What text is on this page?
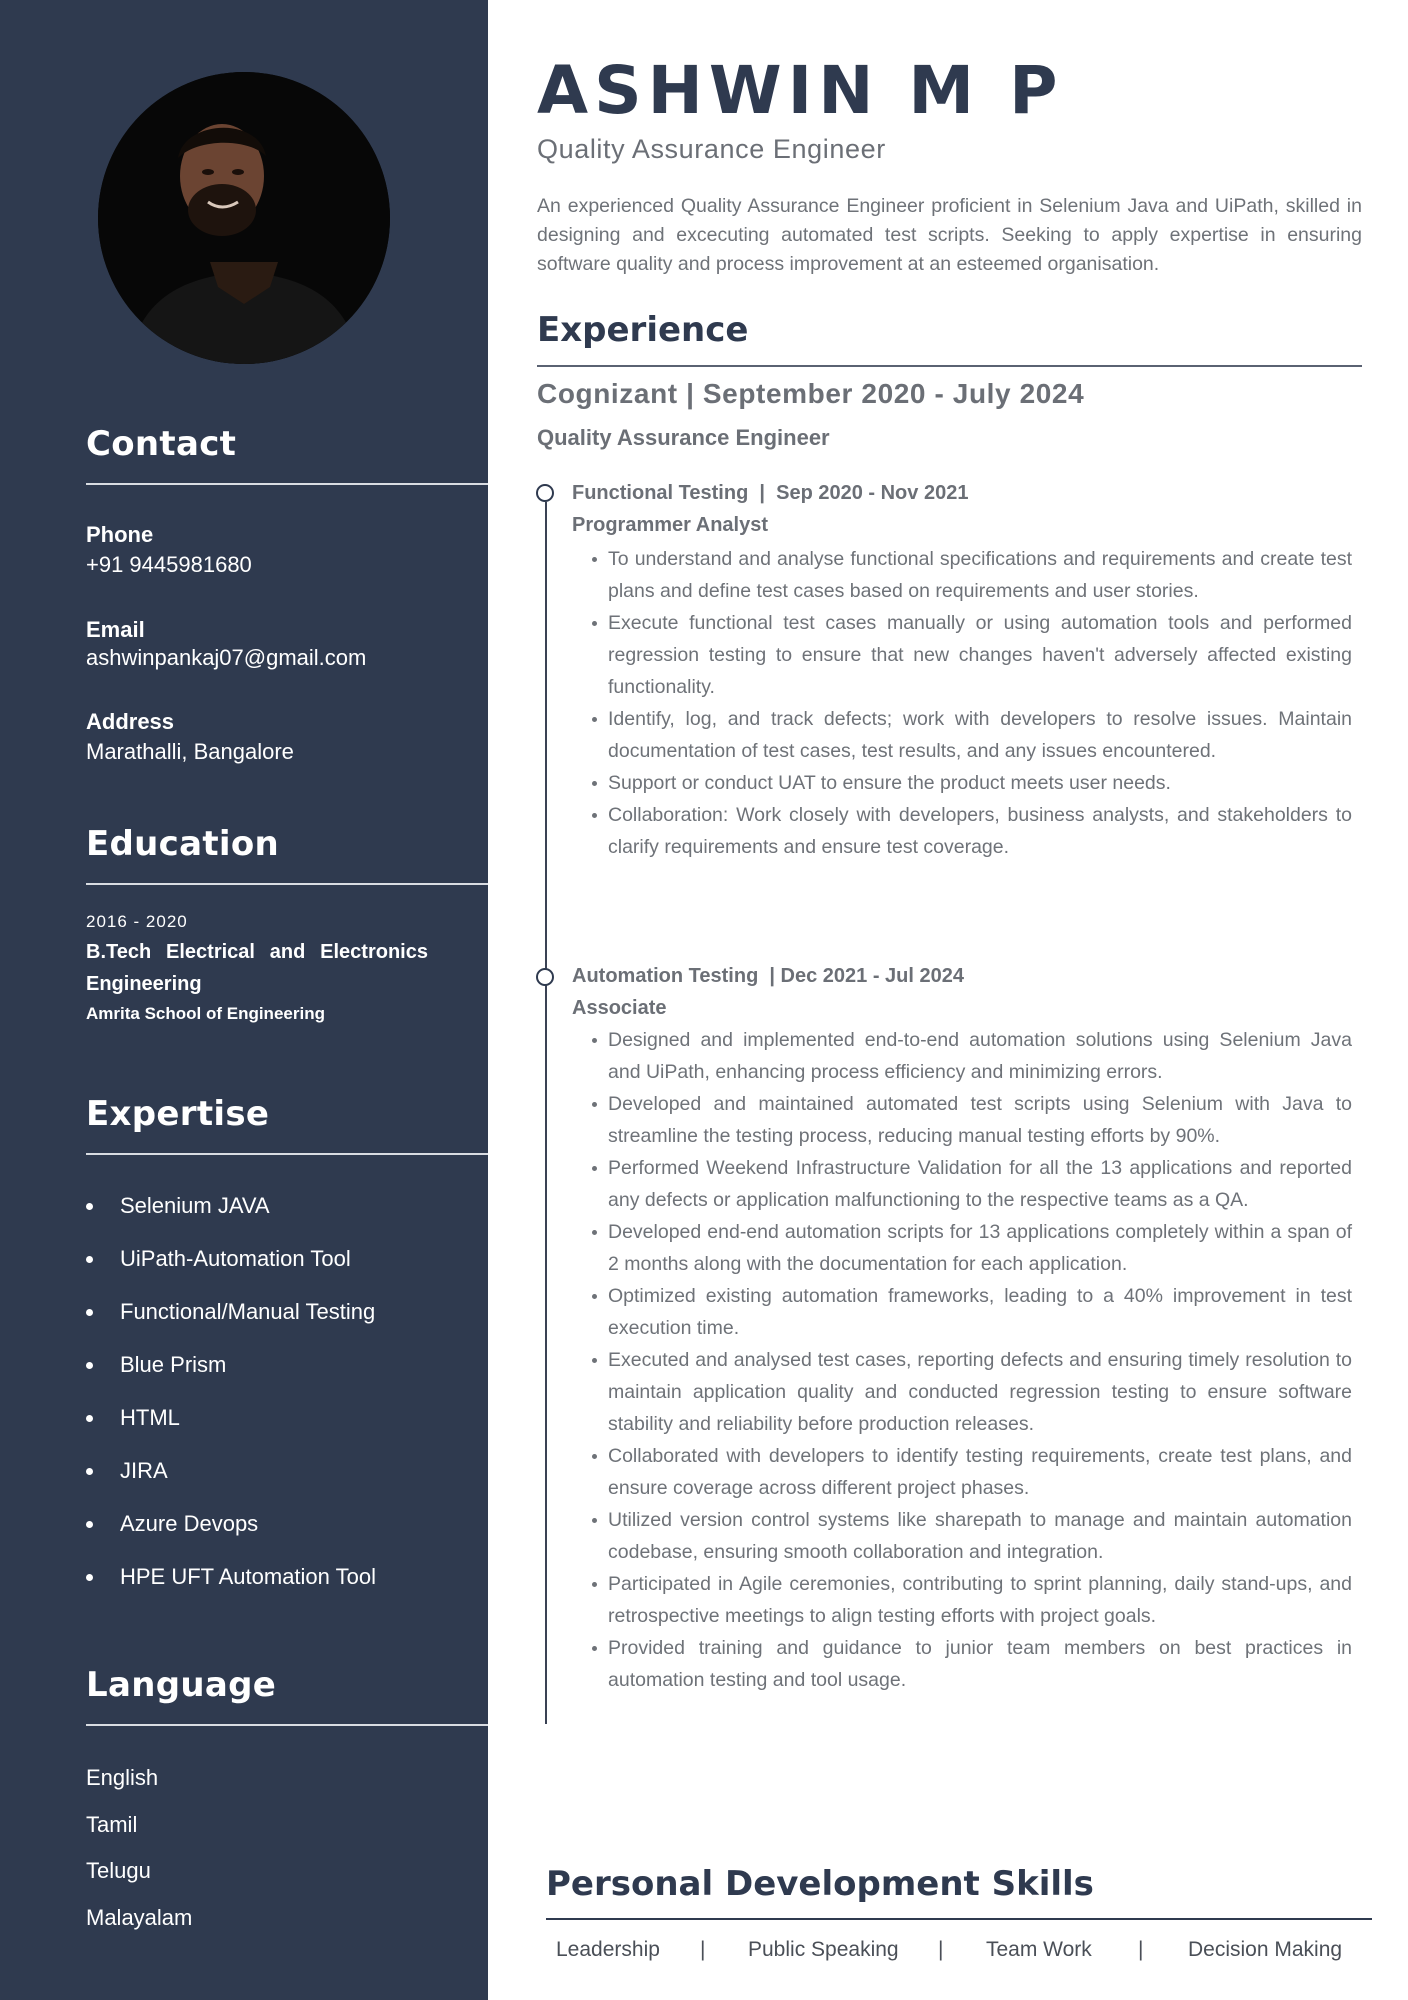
Contact
Phone
+91 9445981680
Email
ashwinpankaj07@gmail.com
Address
Marathalli, Bangalore
Education
2016 - 2020
B.Tech Electrical and Electronics Engineering
Amrita School of Engineering
Expertise
Selenium JAVA
UiPath-Automation Tool
Functional/Manual Testing
Blue Prism
HTML
JIRA
Azure Devops
HPE UFT Automation Tool
Language
English
Tamil
Telugu
Malayalam
ASHWIN M P
Quality Assurance Engineer
An experienced Quality Assurance Engineer proficient in Selenium Java and UiPath, skilled in designing and excecuting automated test scripts. Seeking to apply expertise in ensuring software quality and process improvement at an esteemed organisation.
Experience
Cognizant | September 2020 - July 2024
Quality Assurance Engineer
Functional Testing  |  Sep 2020 - Nov 2021
Programmer Analyst
To understand and analyse functional specifications and requirements and create test plans and define test cases based on requirements and user stories.
Execute functional test cases manually or using automation tools and performed regression testing to ensure that new changes haven't adversely affected existing functionality.
Identify, log, and track defects; work with developers to resolve issues. Maintain documentation of test cases, test results, and any issues encountered.
Support or conduct UAT to ensure the product meets user needs.
Collaboration: Work closely with developers, business analysts, and stakeholders to clarify requirements and ensure test coverage.
Automation Testing  | Dec 2021 - Jul 2024
Associate
Designed and implemented end-to-end automation solutions using Selenium Java and UiPath, enhancing process efficiency and minimizing errors.
Developed and maintained automated test scripts using Selenium with Java to streamline the testing process, reducing manual testing efforts by 90%.
Performed Weekend Infrastructure Validation for all the 13 applications and reported any defects or application malfunctioning to the respective teams as a QA.
Developed end-end automation scripts for 13 applications completely within a span of 2 months along with the documentation for each application.
Optimized existing automation frameworks, leading to a 40% improvement in test execution time.
Executed and analysed test cases, reporting defects and ensuring timely resolution to maintain application quality and conducted regression testing to ensure software stability and reliability before production releases.
Collaborated with developers to identify testing requirements, create test plans, and ensure coverage across different project phases.
Utilized version control systems like sharepath to manage and maintain automation codebase, ensuring smooth collaboration and integration.
Participated in Agile ceremonies, contributing to sprint planning, daily stand-ups, and retrospective meetings to align testing efforts with project goals.
Provided training and guidance to junior team members on best practices in automation testing and tool usage.
Personal Development Skills
Leadership | Public Speaking | Team Work | Decision Making
